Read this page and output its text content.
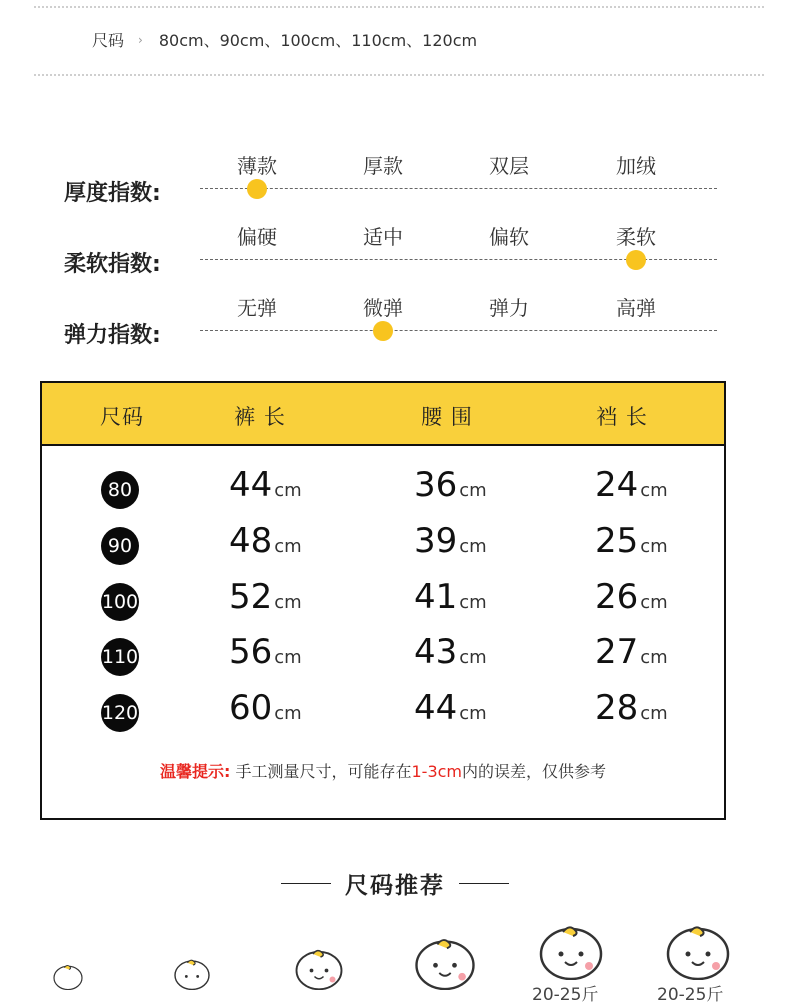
尺码 › 80cm、90cm、100cm、110cm、120cm
厚度指数:
薄款	厚款	双层	加绒
柔软指数:
偏硬	适中	偏软	柔软
弹力指数:
无弹	微弹	弹力	高弹
尺码	裤 长	腰 围	裆 长
80	44 cm	36 cm	24 cm
90	48 cm	39 cm	25 cm
100	52 cm	41 cm	26 cm
110	56 cm	43 cm	27 cm
120	60 cm	44 cm	28 cm
温馨提示: 手工测量尺寸，可能存在1-3cm内的误差，仅供参考
尺码推荐
20-25斤	20-25斤
